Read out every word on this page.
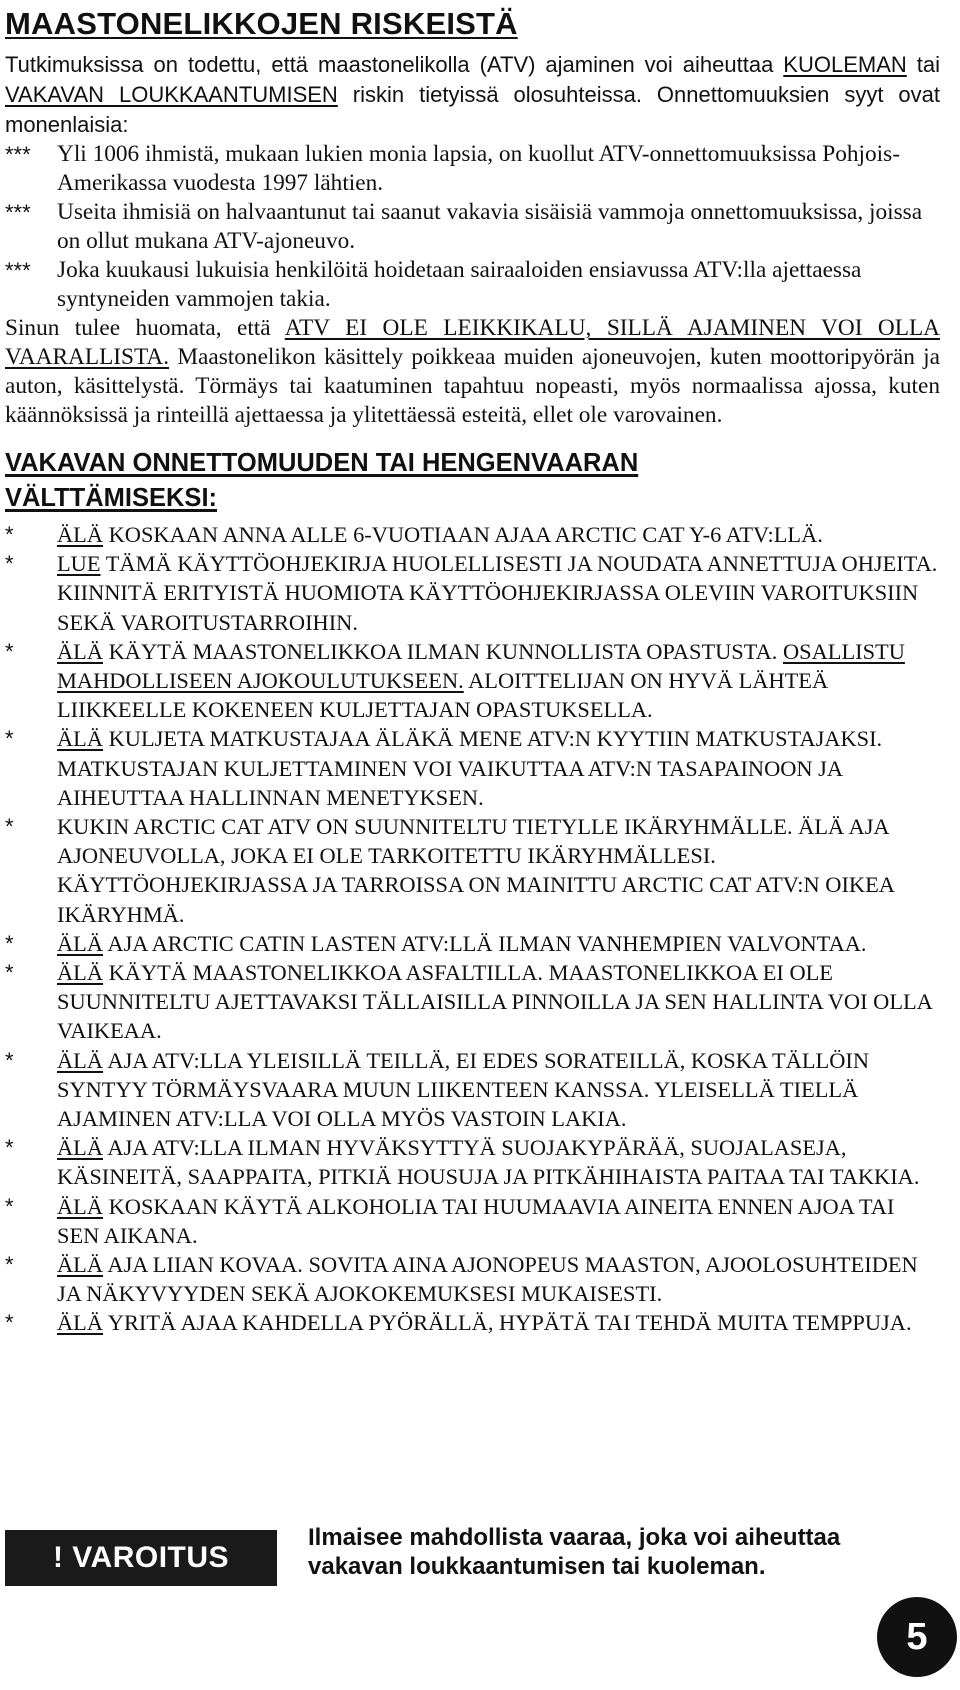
MAASTONELIKKOJEN RISKEISTÄ

Tutkimuksissa on todettu, että maastonelikolla (ATV) ajaminen voi aiheuttaa KUOLEMAN tai VAKAVAN LOUKKAANTUMISEN riskin tietyissä olosuhteissa. Onnettomuuksien syyt ovat monenlaisia:

***	Yli 1006 ihmistä, mukaan lukien monia lapsia, on kuollut ATV-onnettomuuksissa Pohjois-Amerikassa vuodesta 1997 lähtien.
***	Useita ihmisiä on halvaantunut tai saanut vakavia sisäisiä vammoja onnettomuuksissa, joissa on ollut mukana ATV-ajoneuvo.
***	Joka kuukausi lukuisia henkilöitä hoidetaan sairaaloiden ensiavussa ATV:lla ajettaessa syntyneiden vammojen takia.

Sinun tulee huomata, että ATV EI OLE LEIKKIKALU, SILLÄ AJAMINEN VOI OLLA VAARALLISTA. Maastonelikon käsittely poikkeaa muiden ajoneuvojen, kuten moottoripyörän ja auton, käsittelystä. Törmäys tai kaatuminen tapahtuu nopeasti, myös normaalissa ajossa, kuten käännöksissä ja rinteillä ajettaessa ja ylitettäessä esteitä, ellet ole varovainen.

VAKAVAN ONNETTOMUUDEN TAI HENGENVAARAN
VÄLTTÄMISEKSI:
*	ÄLÄ KOSKAAN ANNA ALLE 6-VUOTIAAN AJAA ARCTIC CAT Y-6 ATV:LLÄ.
*	LUE TÄMÄ KÄYTTÖOHJEKIRJA HUOLELLISESTI JA NOUDATA ANNETTUJA OHJEITA. KIINNITÄ ERITYISTÄ HUOMIOTA KÄYTTÖOHJEKIRJASSA OLEVIIN VAROITUKSIIN SEKÄ VAROITUSTARROIHIN.
*	ÄLÄ KÄYTÄ MAASTONELIKKOA ILMAN KUNNOLLISTA OPASTUSTA. OSALLISTU MAHDOLLISEEN AJOKOULUTUKSEEN. ALOITTELIJAN ON HYVÄ LÄHTEÄ LIIKKEELLE KOKENEEN KULJETTAJAN OPASTUKSELLA.
*	ÄLÄ KULJETA MATKUSTAJAA ÄLÄKÄ MENE ATV:N KYYTIIN MATKUSTAJAKSI. MATKUSTAJAN KULJETTAMINEN VOI VAIKUTTAA ATV:N TASAPAINOON JA AIHEUTTAA HALLINNAN MENETYKSEN.
*	KUKIN ARCTIC CAT ATV ON SUUNNITELTU TIETYLLE IKÄRYHMÄLLE. ÄLÄ AJA AJONEUVOLLA, JOKA EI OLE TARKOITETTU IKÄRYHMÄLLESI. KÄYTTÖOHJEKIRJASSA JA TARROISSA ON MAINITTU ARCTIC CAT ATV:N OIKEA IKÄRYHMÄ.
*	ÄLÄ AJA ARCTIC CATIN LASTEN ATV:LLÄ ILMAN VANHEMPIEN VALVONTAA.
*	ÄLÄ KÄYTÄ MAASTONELIKKOA ASFALTILLA. MAASTONELIKKOA EI OLE SUUNNITELTU AJETTAVAKSI TÄLLAISILLA PINNOILLA JA SEN HALLINTA VOI OLLA VAIKEAA.
*	ÄLÄ AJA ATV:LLA YLEISILLÄ TEILLÄ, EI EDES SORATEILLÄ, KOSKA TÄLLÖIN SYNTYY TÖRMÄYSVAARA MUUN LIIKENTEEN KANSSA. YLEISELLÄ TIELLÄ AJAMINEN ATV:LLA VOI OLLA MYÖS VASTOIN LAKIA.
*	ÄLÄ AJA ATV:LLA ILMAN HYVÄKSYTTYÄ SUOJAKYPÄRÄÄ, SUOJALASEJA, KÄSINEITÄ, SAAPPAITA, PITKIÄ HOUSUJA JA PITKÄHIHAISTA PAITAA TAI TAKKIA.
*	ÄLÄ KOSKAAN KÄYTÄ ALKOHOLIA TAI HUUMAAVIA AINEITA ENNEN AJOA TAI SEN AIKANA.
*	ÄLÄ AJA LIIAN KOVAA. SOVITA AINA AJONOPEUS MAASTON, AJOOLOSUHTEIDEN JA NÄKYVYYDEN SEKÄ AJOKOKEMUKSESI MUKAISESTI.
*	ÄLÄ YRITÄ AJAA KAHDELLA PYÖRÄLLÄ, HYPÄTÄ TAI TEHDÄ MUITA TEMPPUJA.
! VAROITUS
Ilmaisee mahdollista vaaraa, joka voi aiheuttaa vakavan loukkaantumisen tai kuoleman.
5
